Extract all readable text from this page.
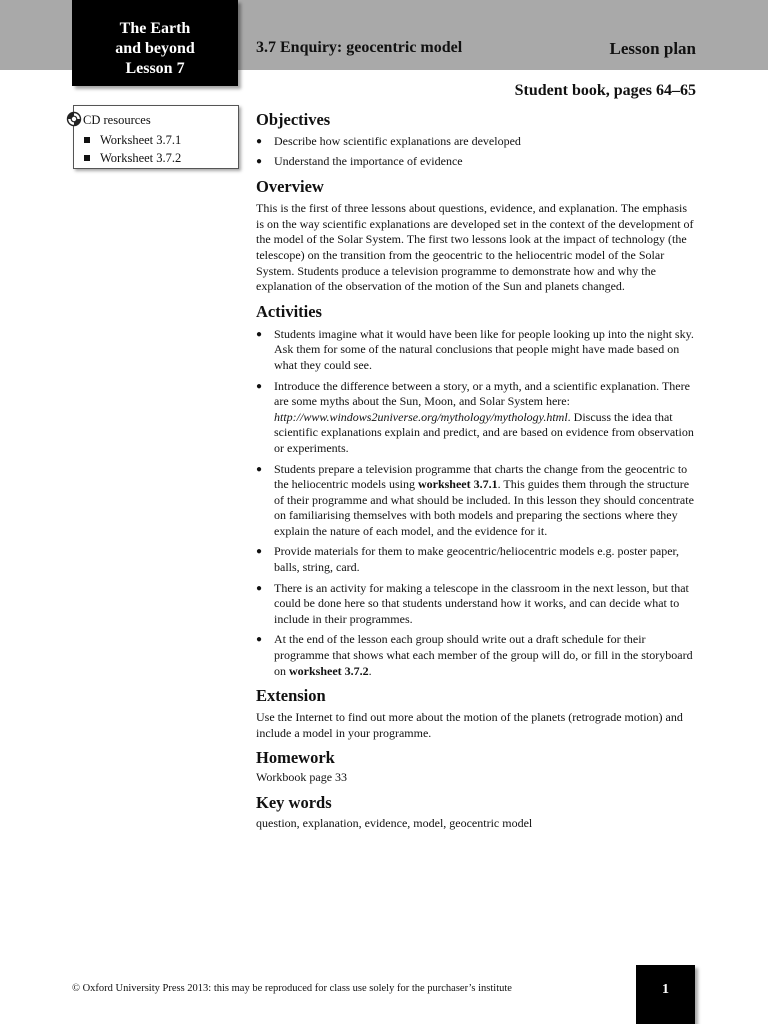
The Earth
and beyond
Lesson 7
3.7 Enquiry: geocentric model	Lesson plan
Student book, pages 64–65
CD resources
Worksheet 3.7.1
Worksheet 3.7.2
Objectives
● Describe how scientific explanations are developed
● Understand the importance of evidence
Overview

This is the first of three lessons about questions, evidence, and explanation. The emphasis is on the way scientific explanations are developed set in the context of the development of the model of the Solar System. The first two lessons look at the impact of technology (the telescope) on the transition from the geocentric to the heliocentric model of the Solar System. Students produce a television programme to demonstrate how and why the explanation of the observation of the motion of the Sun and planets changed.

Activities
● Students imagine what it would have been like for people looking up into the night sky. Ask them for some of the natural conclusions that people might have made based on what they could see.
● Introduce the difference between a story, or a myth, and a scientific explanation. There are some myths about the Sun, Moon, and Solar System here: http://www.windows2universe.org/mythology/mythology.html. Discuss the idea that scientific explanations explain and predict, and are based on evidence from observation or experiments.
● Students prepare a television programme that charts the change from the geocentric to the heliocentric models using worksheet 3.7.1. This guides them through the structure of their programme and what should be included. In this lesson they should concentrate on familiarising themselves with both models and preparing the sections where they explain the nature of each model, and the evidence for it.
● Provide materials for them to make geocentric/heliocentric models e.g. poster paper, balls, string, card.
● There is an activity for making a telescope in the classroom in the next lesson, but that could be done here so that students understand how it works, and can decide what to include in their programmes.
● At the end of the lesson each group should write out a draft schedule for their programme that shows what each member of the group will do, or fill in the storyboard on worksheet 3.7.2.
Extension

Use the Internet to find out more about the motion of the planets (retrograde motion) and include a model in your programme.

Homework

Workbook page 33

Key words

question, explanation, evidence, model, geocentric model

© Oxford University Press 2013: this may be reproduced for class use solely for the purchaser’s institute	1
